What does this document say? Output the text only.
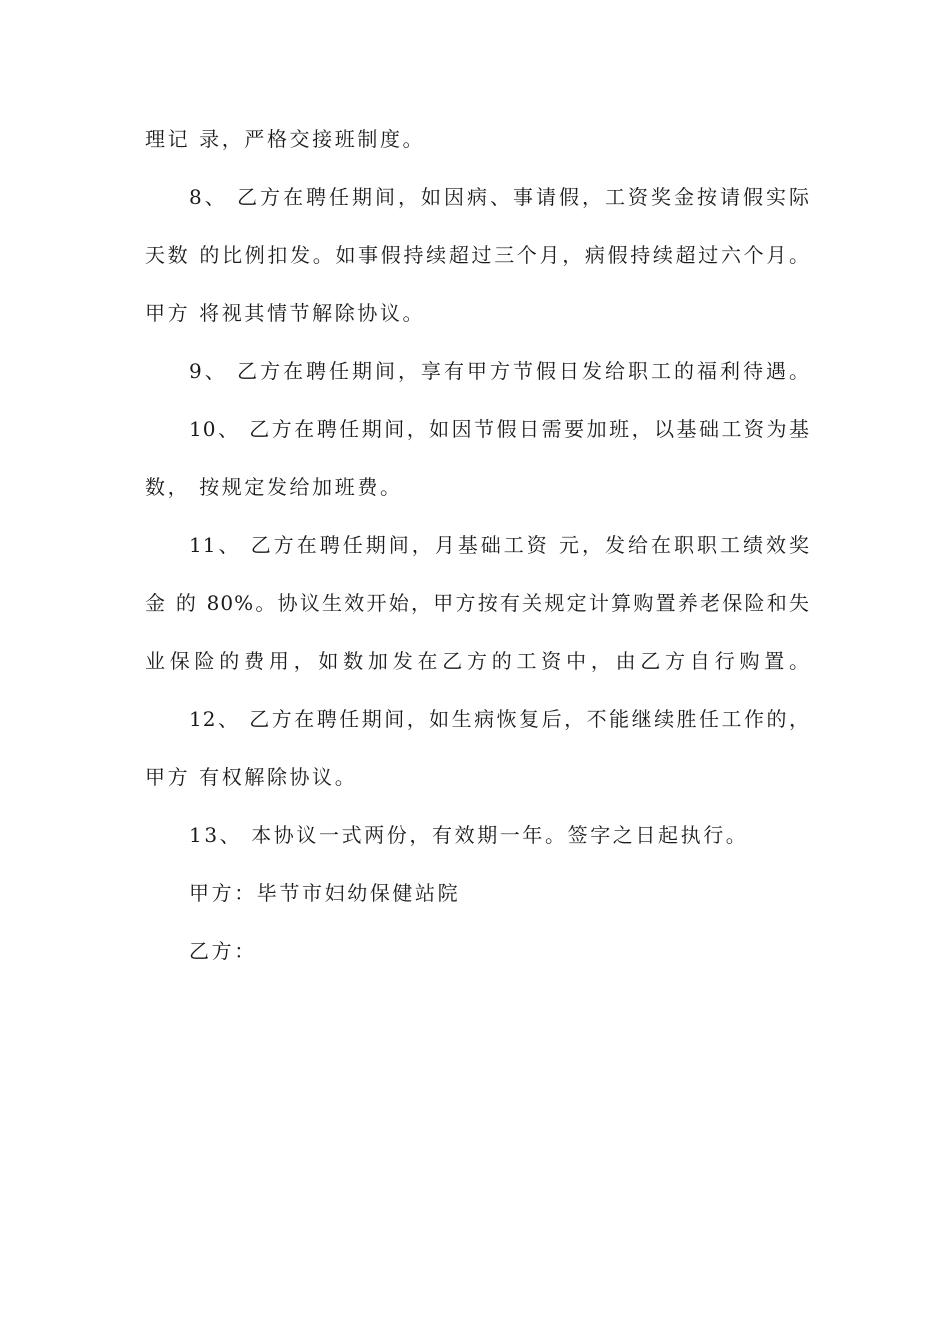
理记 录，严格交接班制度。
8、 乙方在聘任期间，如因病、事请假，工资奖金按请假实际
天数 的比例扣发。如事假持续超过三个月，病假持续超过六个月。
甲方 将视其情节解除协议。
9、 乙方在聘任期间，享有甲方节假日发给职工的福利待遇。
10、 乙方在聘任期间，如因节假日需要加班，以基础工资为基
数， 按规定发给加班费。
11、 乙方在聘任期间，月基础工资 元，发给在职职工绩效奖
金 的 80%。协议生效开始，甲方按有关规定计算购置养老保险和失
业保险的费用，如数加发在乙方的工资中，由乙方自行购置。
12、 乙方在聘任期间，如生病恢复后，不能继续胜任工作的，
甲方 有权解除协议。
13、 本协议一式两份，有效期一年。签字之日起执行。
甲方：毕节市妇幼保健站院
乙方：
